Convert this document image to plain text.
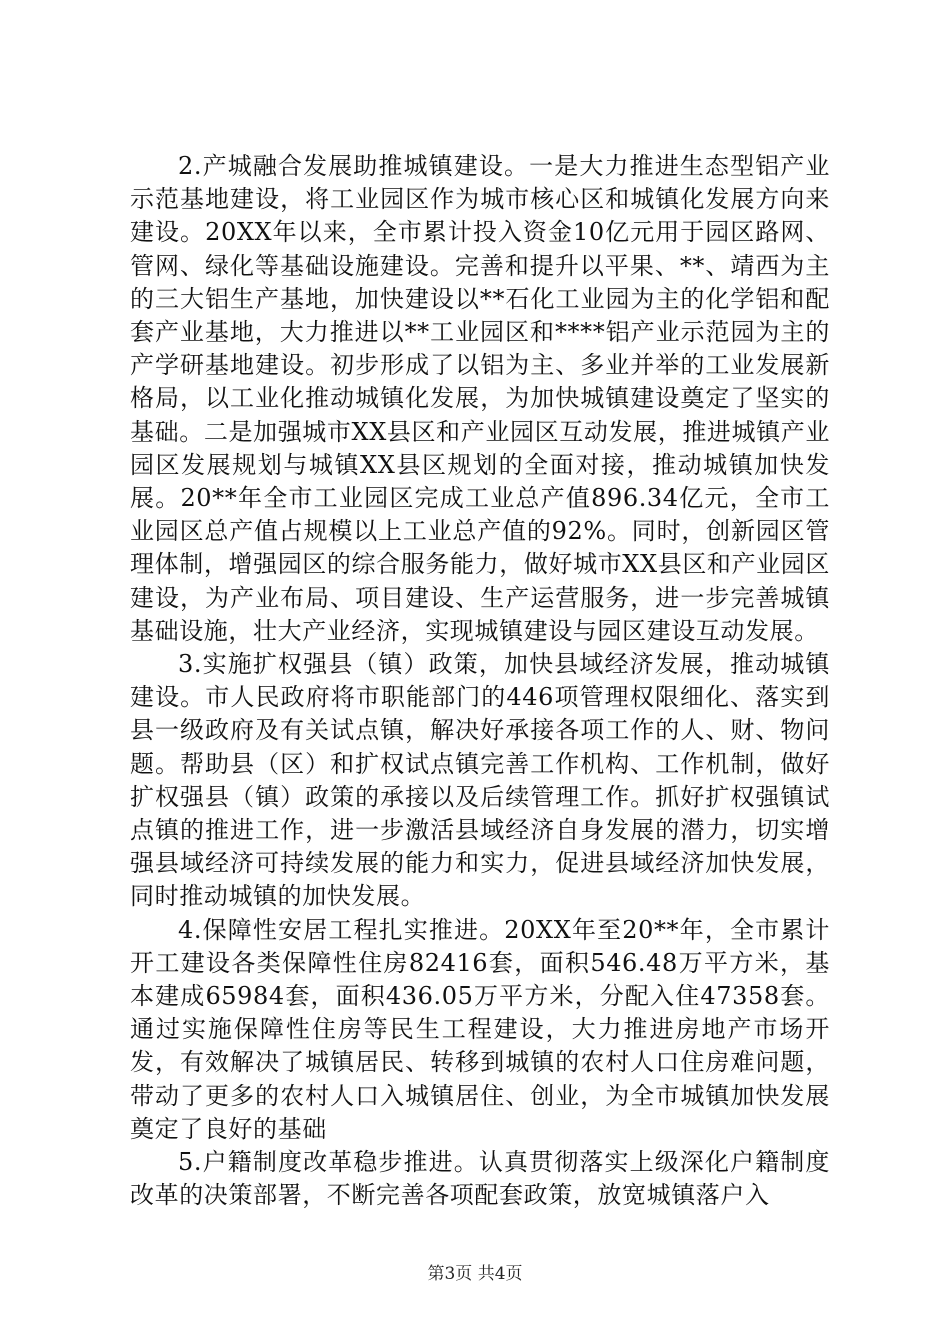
2.产城融合发展助推城镇建设。一是大力推进生态型铝产业示范基地建设，将工业园区作为城市核心区和城镇化发展方向来建设。20XX年以来，全市累计投入资金10亿元用于园区路网、管网、绿化等基础设施建设。完善和提升以平果、**、靖西为主的三大铝生产基地，加快建设以**石化工业园为主的化学铝和配套产业基地，大力推进以**工业园区和****铝产业示范园为主的产学研基地建设。初步形成了以铝为主、多业并举的工业发展新格局，以工业化推动城镇化发展，为加快城镇建设奠定了坚实的基础。二是加强城市XX县区和产业园区互动发展，推进城镇产业园区发展规划与城镇XX县区规划的全面对接，推动城镇加快发展。20**年全市工业园区完成工业总产值896.34亿元，全市工业园区总产值占规模以上工业总产值的92%。同时，创新园区管理体制，增强园区的综合服务能力，做好城市XX县区和产业园区建设，为产业布局、项目建设、生产运营服务，进一步完善城镇基础设施，壮大产业经济，实现城镇建设与园区建设互动发展。

3.实施扩权强县（镇）政策，加快县域经济发展，推动城镇建设。市人民政府将市职能部门的446项管理权限细化、落实到县一级政府及有关试点镇，解决好承接各项工作的人、财、物问题。帮助县（区）和扩权试点镇完善工作机构、工作机制，做好扩权强县（镇）政策的承接以及后续管理工作。抓好扩权强镇试点镇的推进工作，进一步激活县域经济自身发展的潜力，切实增强县域经济可持续发展的能力和实力，促进县域经济加快发展，同时推动城镇的加快发展。

4.保障性安居工程扎实推进。20XX年至20**年，全市累计开工建设各类保障性住房82416套，面积546.48万平方米，基本建成65984套，面积436.05万平方米，分配入住47358套。通过实施保障性住房等民生工程建设，大力推进房地产市场开发，有效解决了城镇居民、转移到城镇的农村人口住房难问题，带动了更多的农村人口入城镇居住、创业，为全市城镇加快发展奠定了良好的基础

5.户籍制度改革稳步推进。认真贯彻落实上级深化户籍制度改革的决策部署，不断完善各项配套政策，放宽城镇落户入

第3页 共4页
